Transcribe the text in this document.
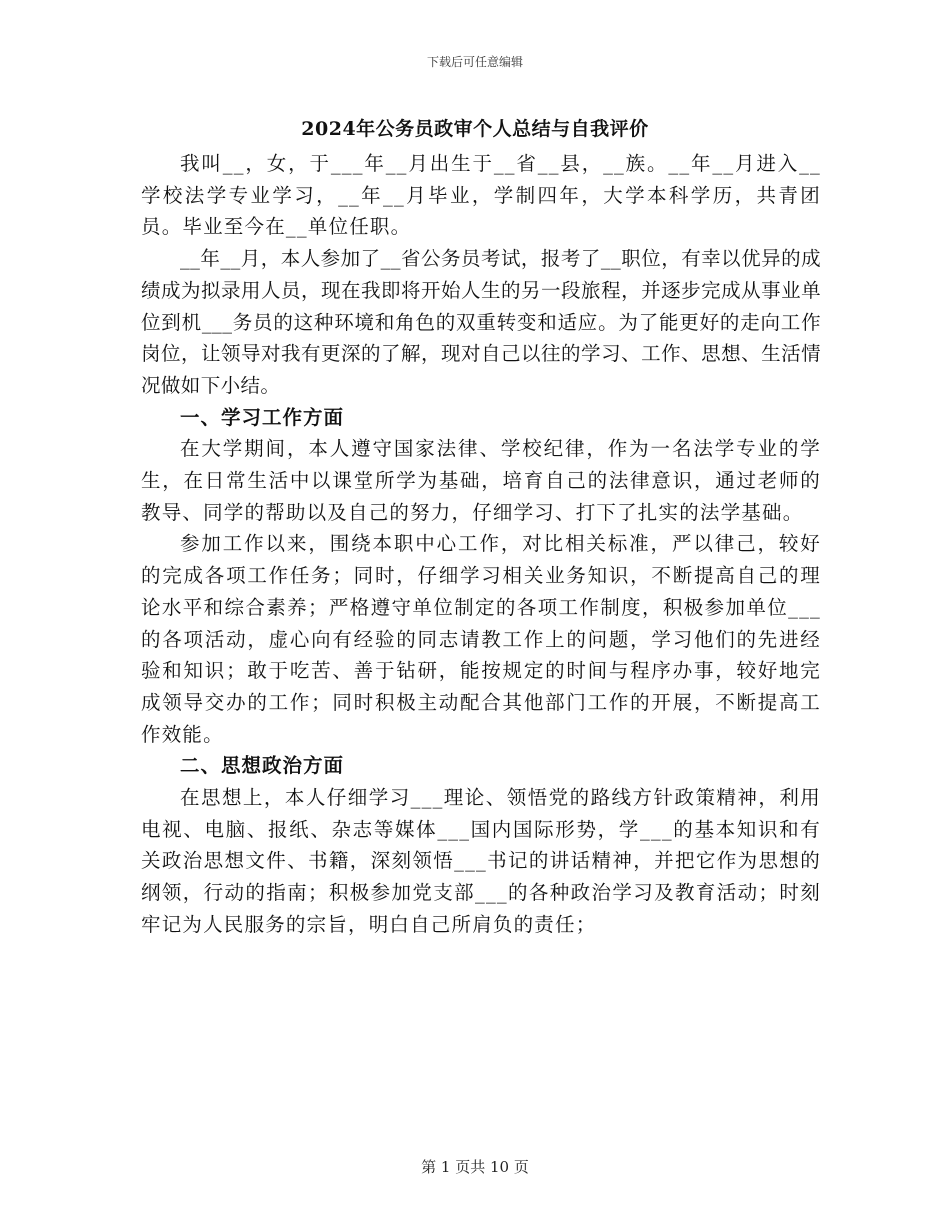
下载后可任意编辑
2024年公务员政审个人总结与自我评价

我叫__，女，于___年__月出生于__省__县，__族。__年__月进入__学校法学专业学习，__年__月毕业，学制四年，大学本科学历，共青团员。毕业至今在__单位任职。

__年__月，本人参加了__省公务员考试，报考了__职位，有幸以优异的成绩成为拟录用人员，现在我即将开始人生的另一段旅程，并逐步完成从事业单位到机___务员的这种环境和角色的双重转变和适应。为了能更好的走向工作岗位，让领导对我有更深的了解，现对自己以往的学习、工作、思想、生活情况做如下小结。

一、学习工作方面

在大学期间，本人遵守国家法律、学校纪律，作为一名法学专业的学生，在日常生活中以课堂所学为基础，培育自己的法律意识，通过老师的教导、同学的帮助以及自己的努力，仔细学习、打下了扎实的法学基础。

参加工作以来，围绕本职中心工作，对比相关标准，严以律己，较好的完成各项工作任务；同时，仔细学习相关业务知识，不断提高自己的理论水平和综合素养；严格遵守单位制定的各项工作制度，积极参加单位___的各项活动，虚心向有经验的同志请教工作上的问题，学习他们的先进经验和知识；敢于吃苦、善于钻研，能按规定的时间与程序办事，较好地完成领导交办的工作；同时积极主动配合其他部门工作的开展，不断提高工作效能。

二、思想政治方面

在思想上，本人仔细学习___理论、领悟党的路线方针政策精神，利用电视、电脑、报纸、杂志等媒体___国内国际形势，学___的基本知识和有关政治思想文件、书籍，深刻领悟___书记的讲话精神，并把它作为思想的纲领，行动的指南；积极参加党支部___的各种政治学习及教育活动；时刻牢记为人民服务的宗旨，明白自己所肩负的责任；

第 1 页共 10 页
